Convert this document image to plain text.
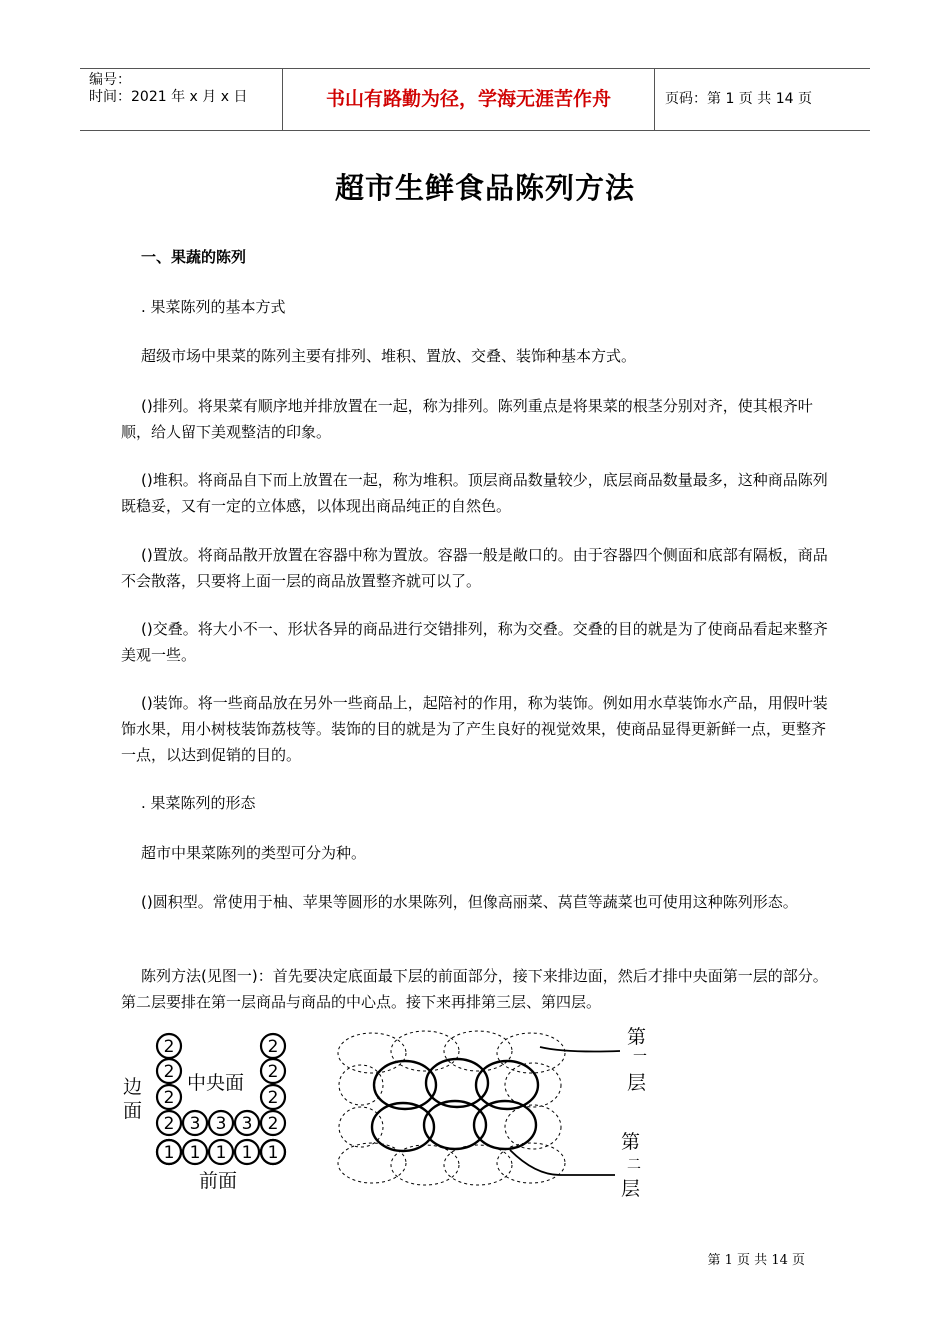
编号：
时间：2021 年 x 月 x 日	书山有路勤为径，学海无涯苦作舟	页码：第 1 页 共 14 页
超市生鲜食品陈列方法

一、果蔬的陈列

. 果菜陈列的基本方式

超级市场中果菜的陈列主要有排列、堆积、置放、交叠、装饰种基本方式。

()排列。将果菜有顺序地并排放置在一起，称为排列。陈列重点是将果菜的根茎分别对齐，使其根齐叶顺，给人留下美观整洁的印象。

()堆积。将商品自下而上放置在一起，称为堆积。顶层商品数量较少，底层商品数量最多，这种商品陈列既稳妥，又有一定的立体感，以体现出商品纯正的自然色。

()置放。将商品散开放置在容器中称为置放。容器一般是敞口的。由于容器四个侧面和底部有隔板，商品不会散落，只要将上面一层的商品放置整齐就可以了。

()交叠。将大小不一、形状各异的商品进行交错排列，称为交叠。交叠的目的就是为了使商品看起来整齐美观一些。

()装饰。将一些商品放在另外一些商品上，起陪衬的作用，称为装饰。例如用水草装饰水产品，用假叶装饰水果，用小树枝装饰荔枝等。装饰的目的就是为了产生良好的视觉效果，使商品显得更新鲜一点，更整齐一点，以达到促销的目的。

. 果菜陈列的形态

超市中果菜陈列的类型可分为种。

()圆积型。常使用于柚、苹果等圆形的水果陈列，但像高丽菜、莴苣等蔬菜也可使用这种陈列形态。

陈列方法(见图一)：首先要决定底面最下层的前面部分，接下来排边面，然后才排中央面第一层的部分。第二层要排在第一层商品与商品的中心点。接下来再排第三层、第四层。

2
2
2
2
2
2
2
2
3 3 3
1 1 1 1 1
边
面
中央面
前面
第
一
层
第
二
层
第 1 页 共 14 页
